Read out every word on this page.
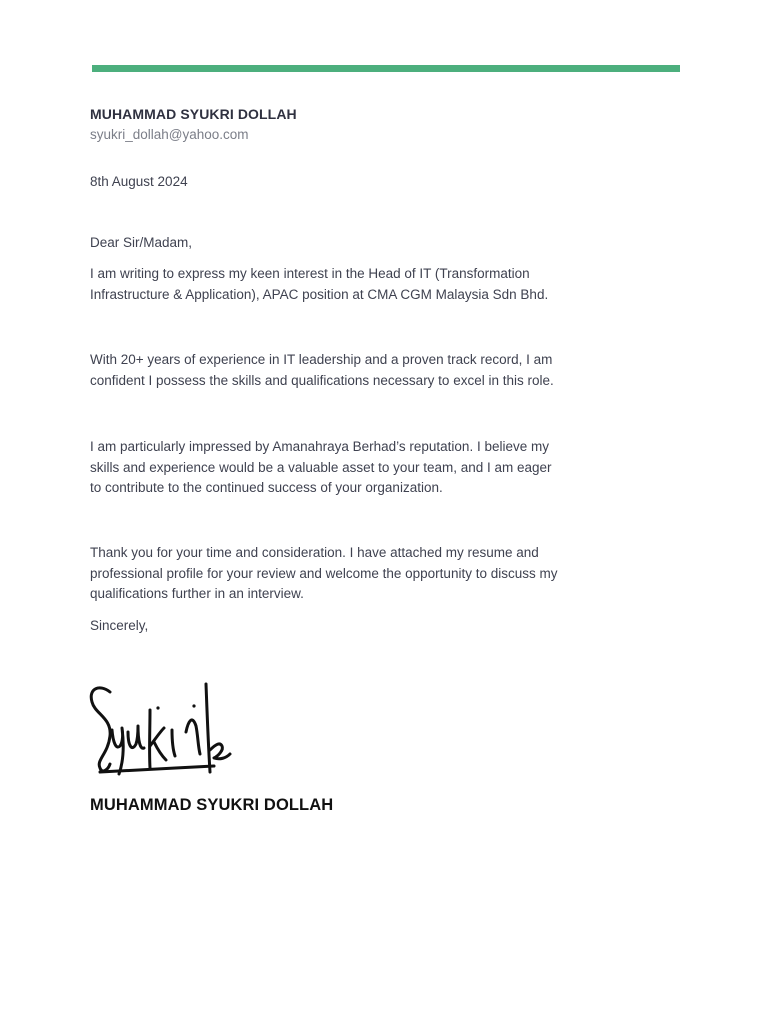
MUHAMMAD SYUKRI DOLLAH
syukri_dollah@yahoo.com
8th August 2024
Dear Sir/Madam,
I am writing to express my keen interest in the Head of IT (Transformation Infrastructure & Application), APAC position at CMA CGM Malaysia Sdn Bhd.
With 20+ years of experience in IT leadership and a proven track record, I am confident I possess the skills and qualifications necessary to excel in this role.
I am particularly impressed by Amanahraya Berhad’s reputation. I believe my skills and experience would be a valuable asset to your team, and I am eager to contribute to the continued success of your organization.
Thank you for your time and consideration. I have attached my resume and professional profile for your review and welcome the opportunity to discuss my qualifications further in an interview.
Sincerely,
MUHAMMAD SYUKRI DOLLAH
